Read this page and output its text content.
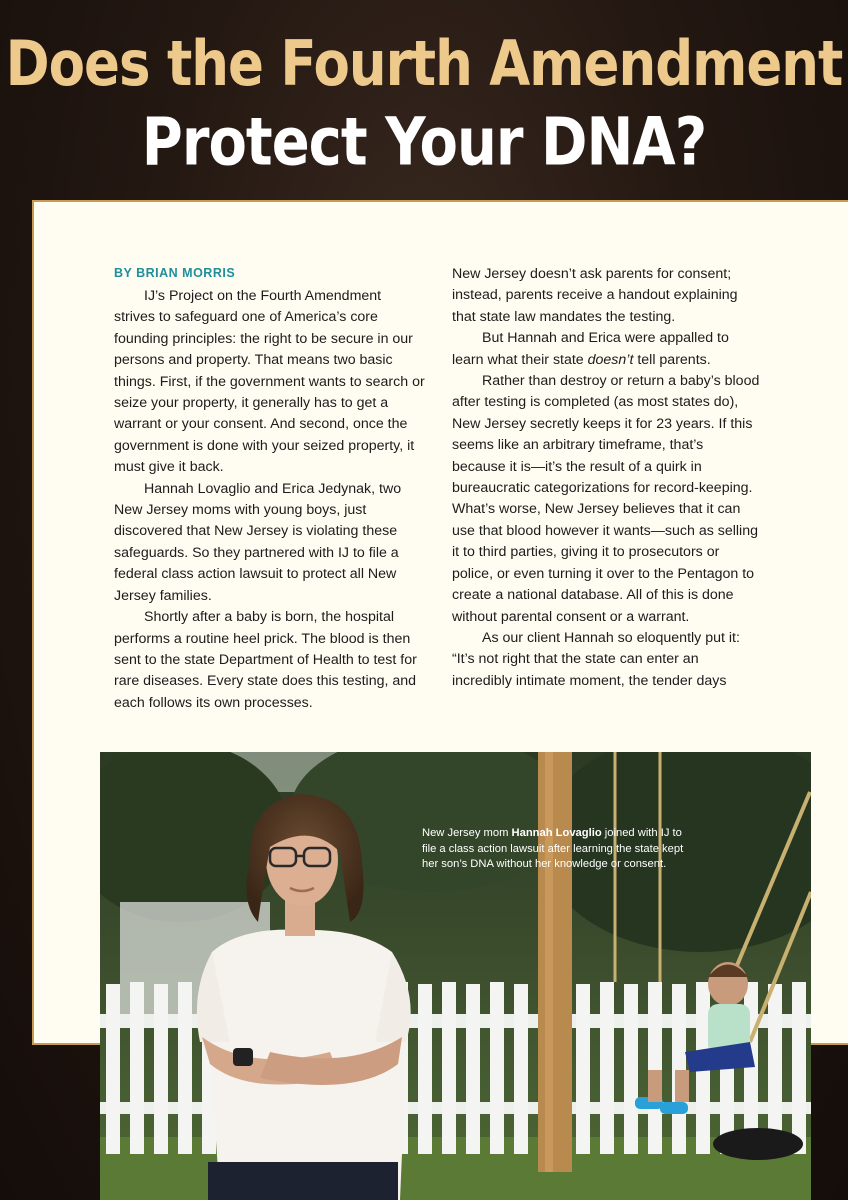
Does the Fourth Amendment
Protect Your DNA?
BY BRIAN MORRIS

IJ’s Project on the Fourth Amendment strives to safeguard one of America’s core founding principles: the right to be secure in our persons and property. That means two basic things. First, if the government wants to search or seize your property, it generally has to get a warrant or your consent. And second, once the government is done with your seized property, it must give it back.

Hannah Lovaglio and Erica Jedynak, two New Jersey moms with young boys, just discovered that New Jersey is violating these safeguards. So they partnered with IJ to file a federal class action lawsuit to protect all New Jersey families.

Shortly after a baby is born, the hospital performs a routine heel prick. The blood is then sent to the state Department of Health to test for rare diseases. Every state does this testing, and each follows its own processes.

New Jersey doesn’t ask parents for consent; instead, parents receive a handout explaining that state law mandates the testing.

But Hannah and Erica were appalled to learn what their state doesn’t tell parents.

Rather than destroy or return a baby’s blood after testing is completed (as most states do), New Jersey secretly keeps it for 23 years. If this seems like an arbitrary timeframe, that’s because it is—it’s the result of a quirk in bureaucratic categorizations for record-keeping. What’s worse, New Jersey believes that it can use that blood however it wants—such as selling it to third parties, giving it to prosecutors or police, or even turning it over to the Pentagon to create a national database. All of this is done without parental consent or a warrant.

As our client Hannah so eloquently put it: “It’s not right that the state can enter an incredibly intimate moment, the tender days

New Jersey mom Hannah Lovaglio joined with IJ to file a class action lawsuit after learning the state kept her son’s DNA without her knowledge or consent.
